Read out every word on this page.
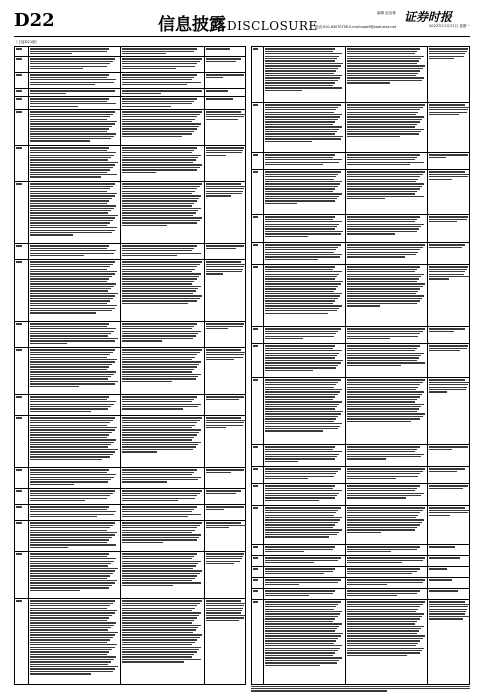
D22	信息披露DISCLOSURE
编辑 赵洁豪 证券时报
电话:010-63070756 E-mail:zqrb9@zqrb.sina.net	2022年11月21日 星期一
（上接D21版）
